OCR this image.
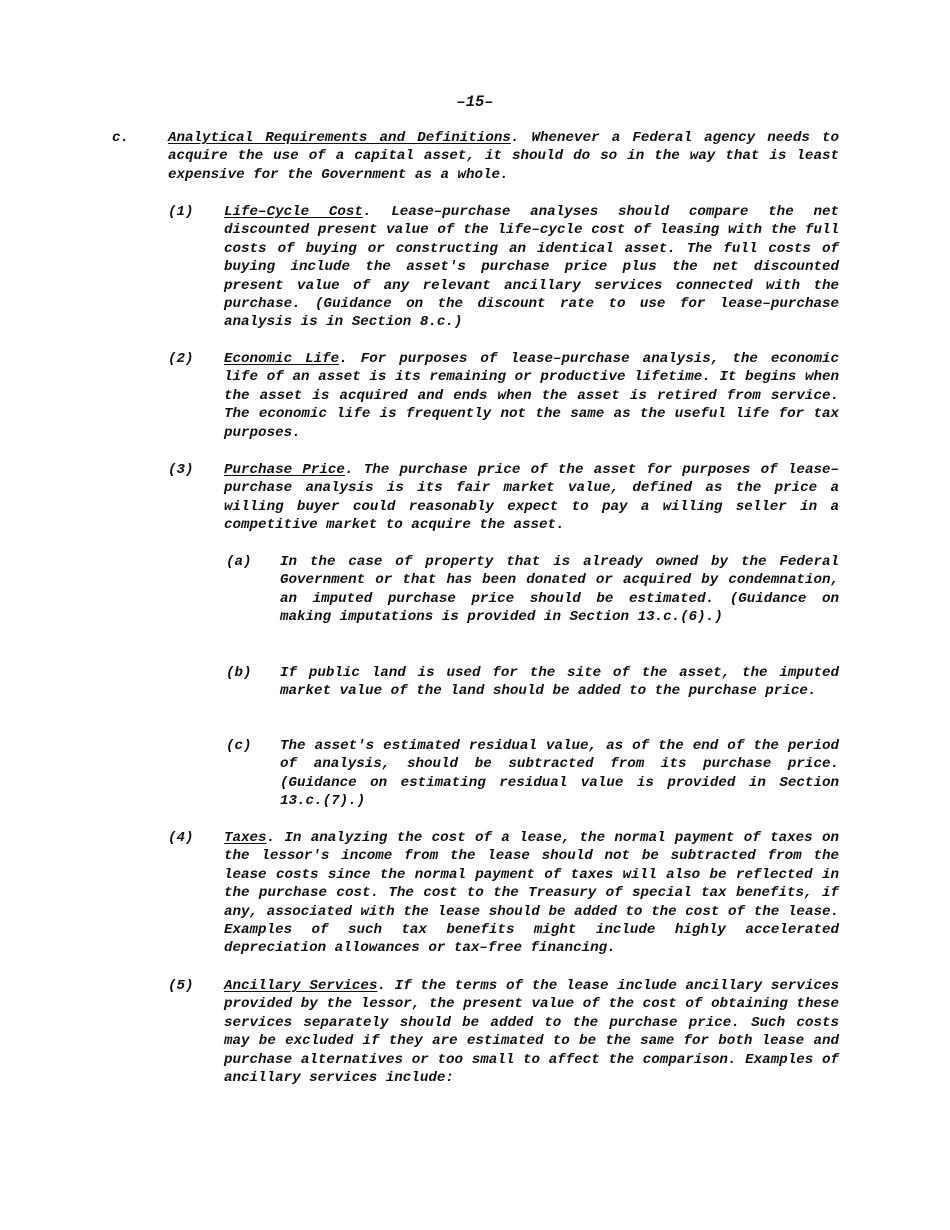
–15–
c.	Analytical Requirements and Definitions. Whenever a Federal agency needs to acquire the use of a capital asset, it should do so in the way that is least expensive for the Government as a whole.

(1) Life–Cycle Cost. Lease–purchase analyses should compare the net discounted present value of the life–cycle cost of leasing with the full costs of buying or constructing an identical asset. The full costs of buying include the asset's purchase price plus the net discounted present value of any relevant ancillary services connected with the purchase. (Guidance on the discount rate to use for lease–purchase analysis is in Section 8.c.)

(2) Economic Life. For purposes of lease–purchase analysis, the economic life of an asset is its remaining or productive lifetime. It begins when the asset is acquired and ends when the asset is retired from service. The economic life is frequently not the same as the useful life for tax purposes.

(3) Purchase Price. The purchase price of the asset for purposes of lease–purchase analysis is its fair market value, defined as the price a willing buyer could reasonably expect to pay a willing seller in a competitive market to acquire the asset.

(a) In the case of property that is already owned by the Federal Government or that has been donated or acquired by condemnation, an imputed purchase price should be estimated. (Guidance on making imputations is provided in Section 13.c.(6).)

(b) If public land is used for the site of the asset, the imputed market value of the land should be added to the purchase price.

(c) The asset's estimated residual value, as of the end of the period of analysis, should be subtracted from its purchase price. (Guidance on estimating residual value is provided in Section 13.c.(7).)

(4) Taxes. In analyzing the cost of a lease, the normal payment of taxes on the lessor's income from the lease should not be subtracted from the lease costs since the normal payment of taxes will also be reflected in the purchase cost. The cost to the Treasury of special tax benefits, if any, associated with the lease should be added to the cost of the lease. Examples of such tax benefits might include highly accelerated depreciation allowances or tax–free financing.

(5) Ancillary Services. If the terms of the lease include ancillary services provided by the lessor, the present value of the cost of obtaining these services separately should be added to the purchase price. Such costs may be excluded if they are estimated to be the same for both lease and purchase alternatives or too small to affect the comparison. Examples of ancillary services include:
